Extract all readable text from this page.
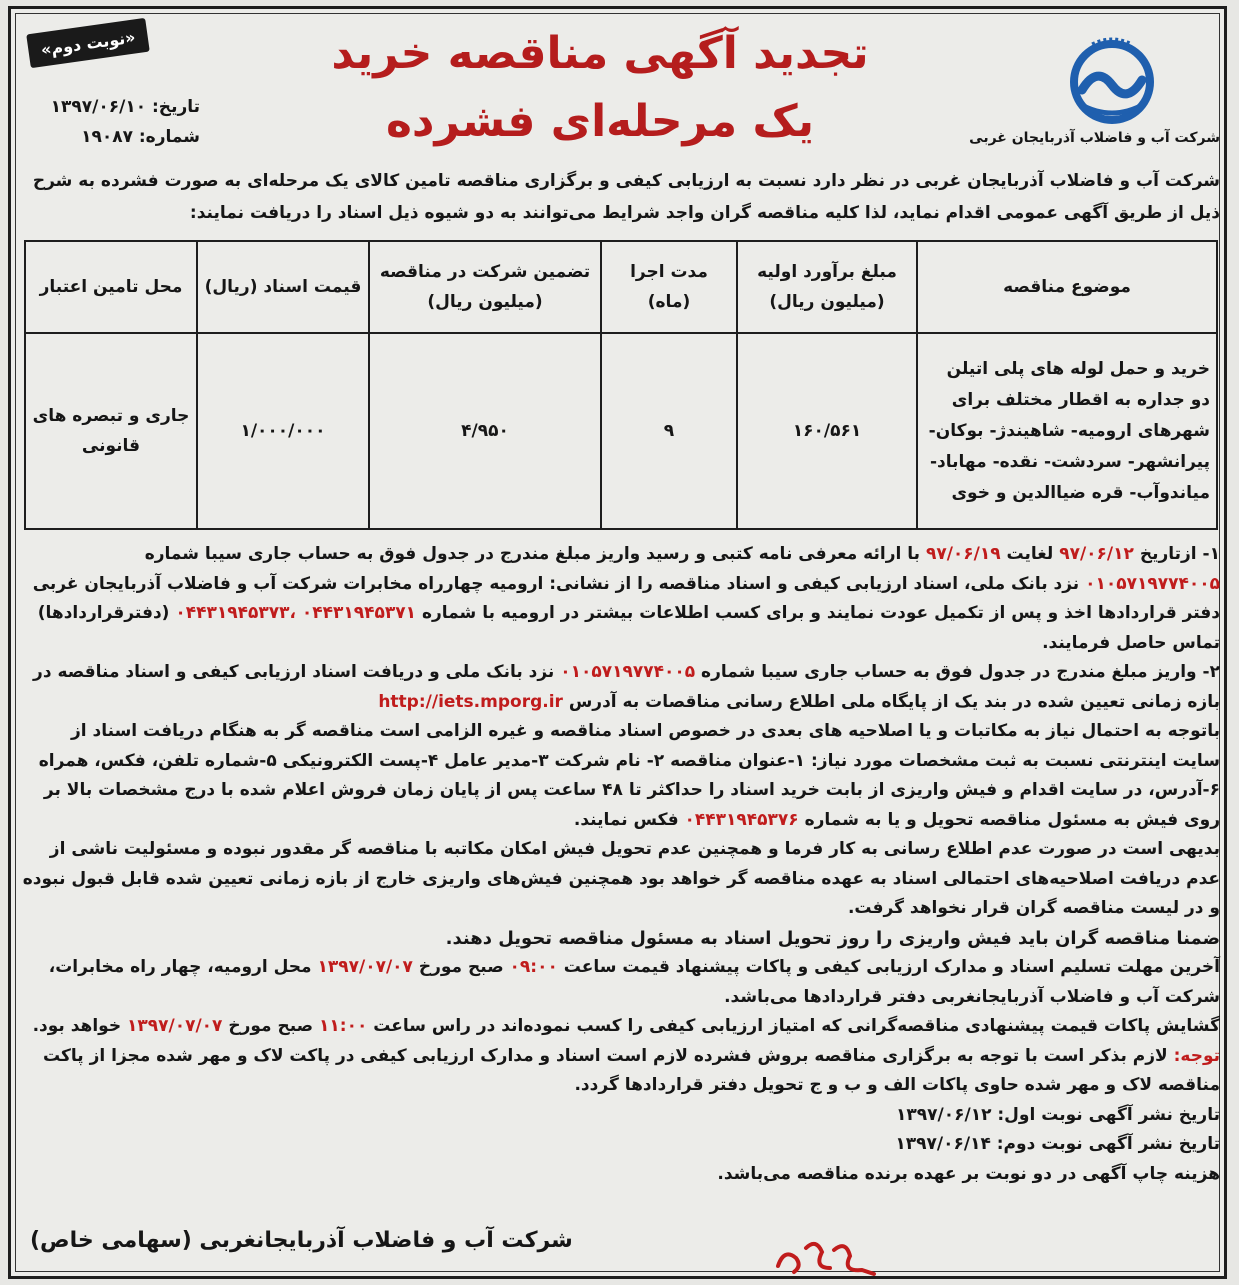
«نوبت دوم»
تاریخ: ۱۳۹۷/۰۶/۱۰
شماره: ۱۹۰۸۷
تجدید آگهی مناقصه خرید
یک مرحله‌ای فشرده	شرکت آب و فاضلاب آذربایجان غربی
شرکت آب و فاضلاب آذربایجان غربی در نظر دارد نسبت به ارزیابی کیفی و برگزاری مناقصه تامین کالای یک مرحله‌ای به صورت فشرده به شرح ذیل از طریق آگهی عمومی اقدام نماید، لذا کلیه مناقصه گران واجد شرایط می‌توانند به دو شیوه ذیل اسناد را دریافت نمایند:
موضوع مناقصه	مبلغ برآورد اولیه (میلیون ریال)	مدت اجرا (ماه)	تضمین شرکت در مناقصه (میلیون ریال)	قیمت اسناد (ریال)	محل تامین اعتبار
خرید و حمل لوله های پلی اتیلن دو جداره به اقطار مختلف برای شهرهای ارومیه- شاهیندژ- بوکان- پیرانشهر- سردشت- نقده- مهاباد- میاندوآب- قره ضیاالدین و خوی	۱۶۰/۵۶۱	۹	۴/۹۵۰	۱/۰۰۰/۰۰۰	جاری و تبصره های قانونی

۱- ازتاریخ ۹۷/۰۶/۱۲ لغایت ۹۷/۰۶/۱۹ با ارائه معرفی نامه کتبی و رسید واریز مبلغ مندرج در جدول فوق به حساب جاری سیبا شماره ۰۱۰۵۷۱۹۷۷۴۰۰۵ نزد بانک ملی، اسناد ارزیابی کیفی و اسناد مناقصه را از نشانی: ارومیه چهارراه مخابرات شرکت آب و فاضلاب آذربایجان غربی دفتر قراردادها اخذ و پس از تکمیل عودت نمایند و برای کسب اطلاعات بیشتر در ارومیه با شماره ۰۴۴۳۱۹۴۵۳۷۱ ،۰۴۴۳۱۹۴۵۳۷۳ (دفترقراردادها) تماس حاصل فرمایند.

۲- واریز مبلغ مندرج در جدول فوق به حساب جاری سیبا شماره ۰۱۰۵۷۱۹۷۷۴۰۰۵ نزد بانک ملی و دریافت اسناد ارزیابی کیفی و اسناد مناقصه در بازه زمانی تعیین شده در بند یک از پایگاه ملی اطلاع رسانی مناقصات به آدرس http://iets.mporg.ir

باتوجه به احتمال نیاز به مکاتبات و یا اصلاحیه های بعدی در خصوص اسناد مناقصه و غیره الزامی است مناقصه گر به هنگام دریافت اسناد از سایت اینترنتی نسبت به ثبت مشخصات مورد نیاز: ۱-عنوان مناقصه ۲- نام شرکت ۳-مدیر عامل ۴-پست الکترونیکی ۵-شماره تلفن، فکس، همراه ۶-آدرس، در سایت اقدام و فیش واریزی از بابت خرید اسناد را حداکثر تا ۴۸ ساعت پس از پایان زمان فروش اعلام شده با درج مشخصات بالا بر روی فیش به مسئول مناقصه تحویل و یا به شماره ۰۴۴۳۱۹۴۵۳۷۶ فکس نمایند.

بدیهی است در صورت عدم اطلاع رسانی به کار فرما و همچنین عدم تحویل فیش امکان مکاتبه با مناقصه گر مقدور نبوده و مسئولیت ناشی از عدم دریافت اصلاحیه‌های احتمالی اسناد به عهده مناقصه گر خواهد بود همچنین فیش‌های واریزی خارج از بازه زمانی تعیین شده قابل قبول نبوده و در لیست مناقصه گران قرار نخواهد گرفت.

ضمنا مناقصه گران باید فیش واریزی را روز تحویل اسناد به مسئول مناقصه تحویل دهند.

آخرین مهلت تسلیم اسناد و مدارک ارزیابی کیفی و پاکات پیشنهاد قیمت ساعت ۰۹:۰۰ صبح مورخ ۱۳۹۷/۰۷/۰۷ محل ارومیه، چهار راه مخابرات، شرکت آب و فاضلاب آذربایجانغربی دفتر قراردادها می‌باشد.

گشایش پاکات قیمت پیشنهادی مناقصه‌گرانی که امتیاز ارزیابی کیفی را کسب نموده‌اند در راس ساعت ۱۱:۰۰ صبح مورخ ۱۳۹۷/۰۷/۰۷ خواهد بود.

توجه: لازم بذکر است با توجه به برگزاری مناقصه بروش فشرده لازم است اسناد و مدارک ارزیابی کیفی در پاکت لاک و مهر شده مجزا از پاکت مناقصه لاک و مهر شده حاوی پاکات الف و ب و ج تحویل دفتر قراردادها گردد.

تاریخ نشر آگهی نوبت اول: ۱۳۹۷/۰۶/۱۲

تاریخ نشر آگهی نوبت دوم: ۱۳۹۷/۰۶/۱۴

هزینه چاپ آگهی در دو نوبت بر عهده برنده مناقصه می‌باشد.

شرکت آب و فاضلاب آذربایجانغربی (سهامی خاص)
